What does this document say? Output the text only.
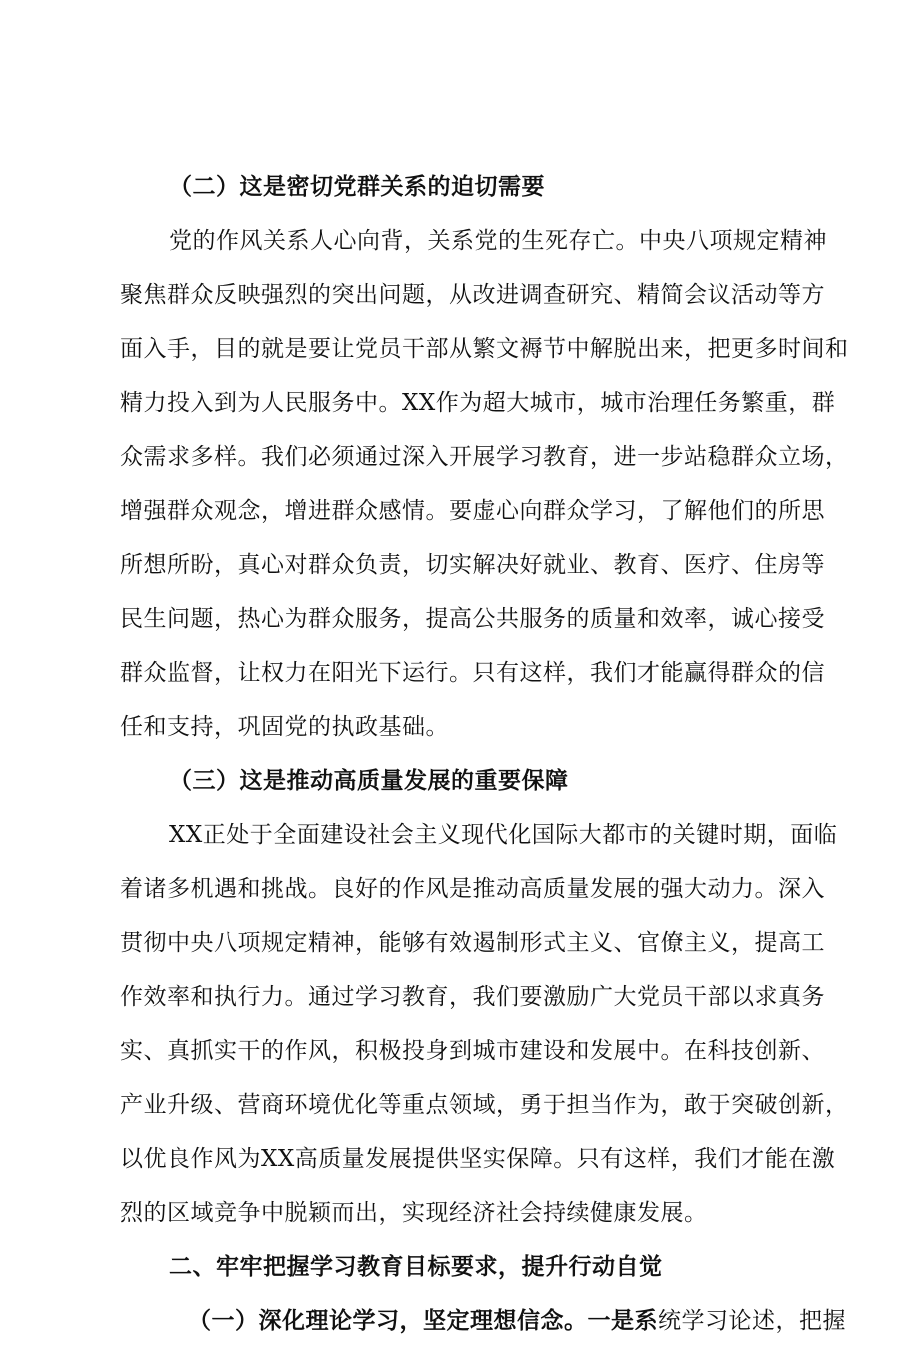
（二）这是密切党群关系的迫切需要
党的作风关系人心向背，关系党的生死存亡。中央八项规定精神
聚焦群众反映强烈的突出问题，从改进调查研究、精简会议活动等方
面入手，目的就是要让党员干部从繁文褥节中解脱出来，把更多时间和
精力投入到为人民服务中。XX作为超大城市，城市治理任务繁重，群
众需求多样。我们必须通过深入开展学习教育，进一步站稳群众立场，
增强群众观念，增进群众感情。要虚心向群众学习，了解他们的所思
所想所盼，真心对群众负责，切实解决好就业、教育、医疗、住房等
民生问题，热心为群众服务，提高公共服务的质量和效率，诚心接受
群众监督，让权力在阳光下运行。只有这样，我们才能赢得群众的信
任和支持，巩固党的执政基础。
（三）这是推动高质量发展的重要保障
XX正处于全面建设社会主义现代化国际大都市的关键时期，面临
着诸多机遇和挑战。良好的作风是推动高质量发展的强大动力。深入
贯彻中央八项规定精神，能够有效遏制形式主义、官僚主义，提高工
作效率和执行力。通过学习教育，我们要激励广大党员干部以求真务
实、真抓实干的作风，积极投身到城市建设和发展中。在科技创新、
产业升级、营商环境优化等重点领域，勇于担当作为，敢于突破创新，
以优良作风为XX高质量发展提供坚实保障。只有这样，我们才能在激
烈的区域竞争中脱颖而出，实现经济社会持续健康发展。
二、牢牢把握学习教育目标要求，提升行动自觉
（一）深化理论学习，坚定理想信念。一是系统学习论述，把握
